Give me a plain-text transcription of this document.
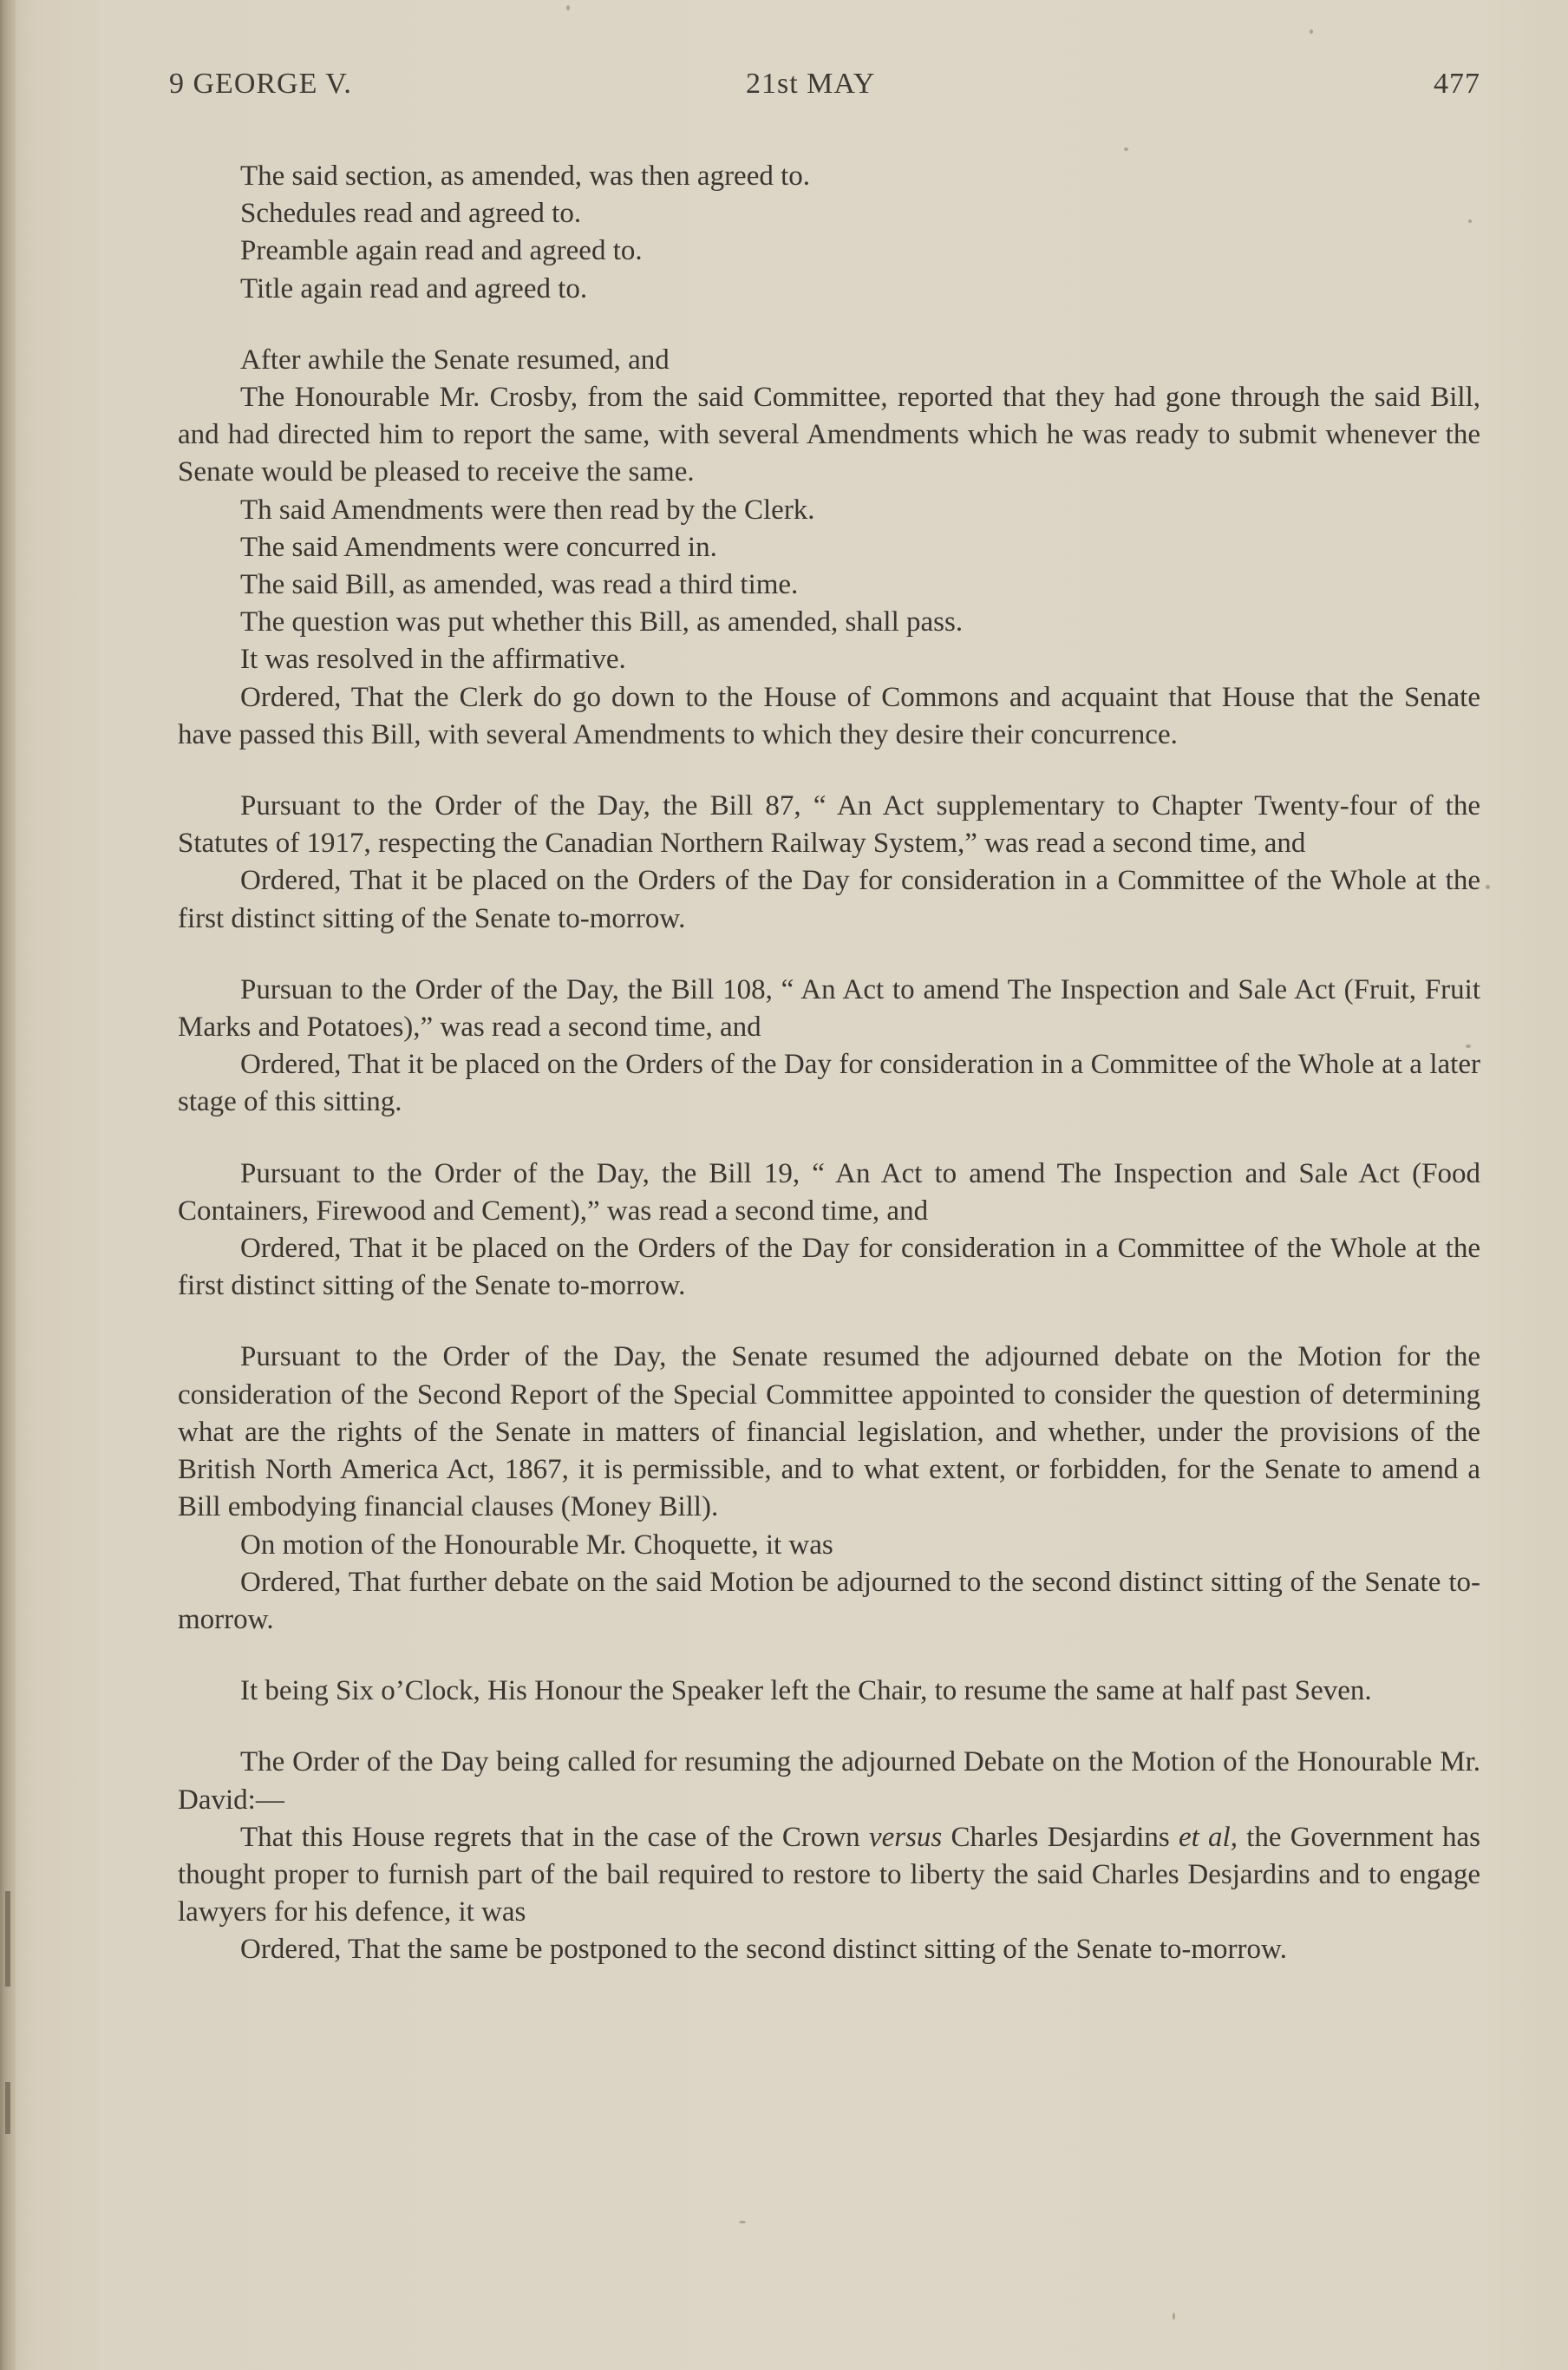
9 GEORGE V.	21st MAY	477

The said section, as amended, was then agreed to.

Schedules read and agreed to.

Preamble again read and agreed to.

Title again read and agreed to.

After awhile the Senate resumed, and

The Honourable Mr. Crosby, from the said Committee, reported that they had gone through the said Bill, and had directed him to report the same, with several Amendments which he was ready to submit whenever the Senate would be pleased to receive the same.

Th said Amendments were then read by the Clerk.

The said Amendments were concurred in.

The said Bill, as amended, was read a third time.

The question was put whether this Bill, as amended, shall pass.

It was resolved in the affirmative.

Ordered, That the Clerk do go down to the House of Commons and acquaint that House that the Senate have passed this Bill, with several Amendments to which they desire their concurrence.

Pursuant to the Order of the Day, the Bill 87, “ An Act supplementary to Chapter Twenty-four of the Statutes of 1917, respecting the Canadian Northern Railway System,” was read a second time, and

Ordered, That it be placed on the Orders of the Day for consideration in a Committee of the Whole at the first distinct sitting of the Senate to-morrow.

Pursuan to the Order of the Day, the Bill 108, “ An Act to amend The Inspection and Sale Act (Fruit, Fruit Marks and Potatoes),” was read a second time, and

Ordered, That it be placed on the Orders of the Day for consideration in a Committee of the Whole at a later stage of this sitting.

Pursuant to the Order of the Day, the Bill 19, “ An Act to amend The Inspection and Sale Act (Food Containers, Firewood and Cement),” was read a second time, and

Ordered, That it be placed on the Orders of the Day for consideration in a Committee of the Whole at the first distinct sitting of the Senate to-morrow.

Pursuant to the Order of the Day, the Senate resumed the adjourned debate on the Motion for the consideration of the Second Report of the Special Committee appointed to consider the question of determining what are the rights of the Senate in matters of financial legislation, and whether, under the provisions of the British North America Act, 1867, it is permissible, and to what extent, or forbidden, for the Senate to amend a Bill embodying financial clauses (Money Bill).

On motion of the Honourable Mr. Choquette, it was

Ordered, That further debate on the said Motion be adjourned to the second distinct sitting of the Senate to-morrow.

It being Six o’Clock, His Honour the Speaker left the Chair, to resume the same at half past Seven.

The Order of the Day being called for resuming the adjourned Debate on the Motion of the Honourable Mr. David:—

That this House regrets that in the case of the Crown versus Charles Desjardins et al, the Government has thought proper to furnish part of the bail required to restore to liberty the said Charles Desjardins and to engage lawyers for his defence, it was

Ordered, That the same be postponed to the second distinct sitting of the Senate to-morrow.
